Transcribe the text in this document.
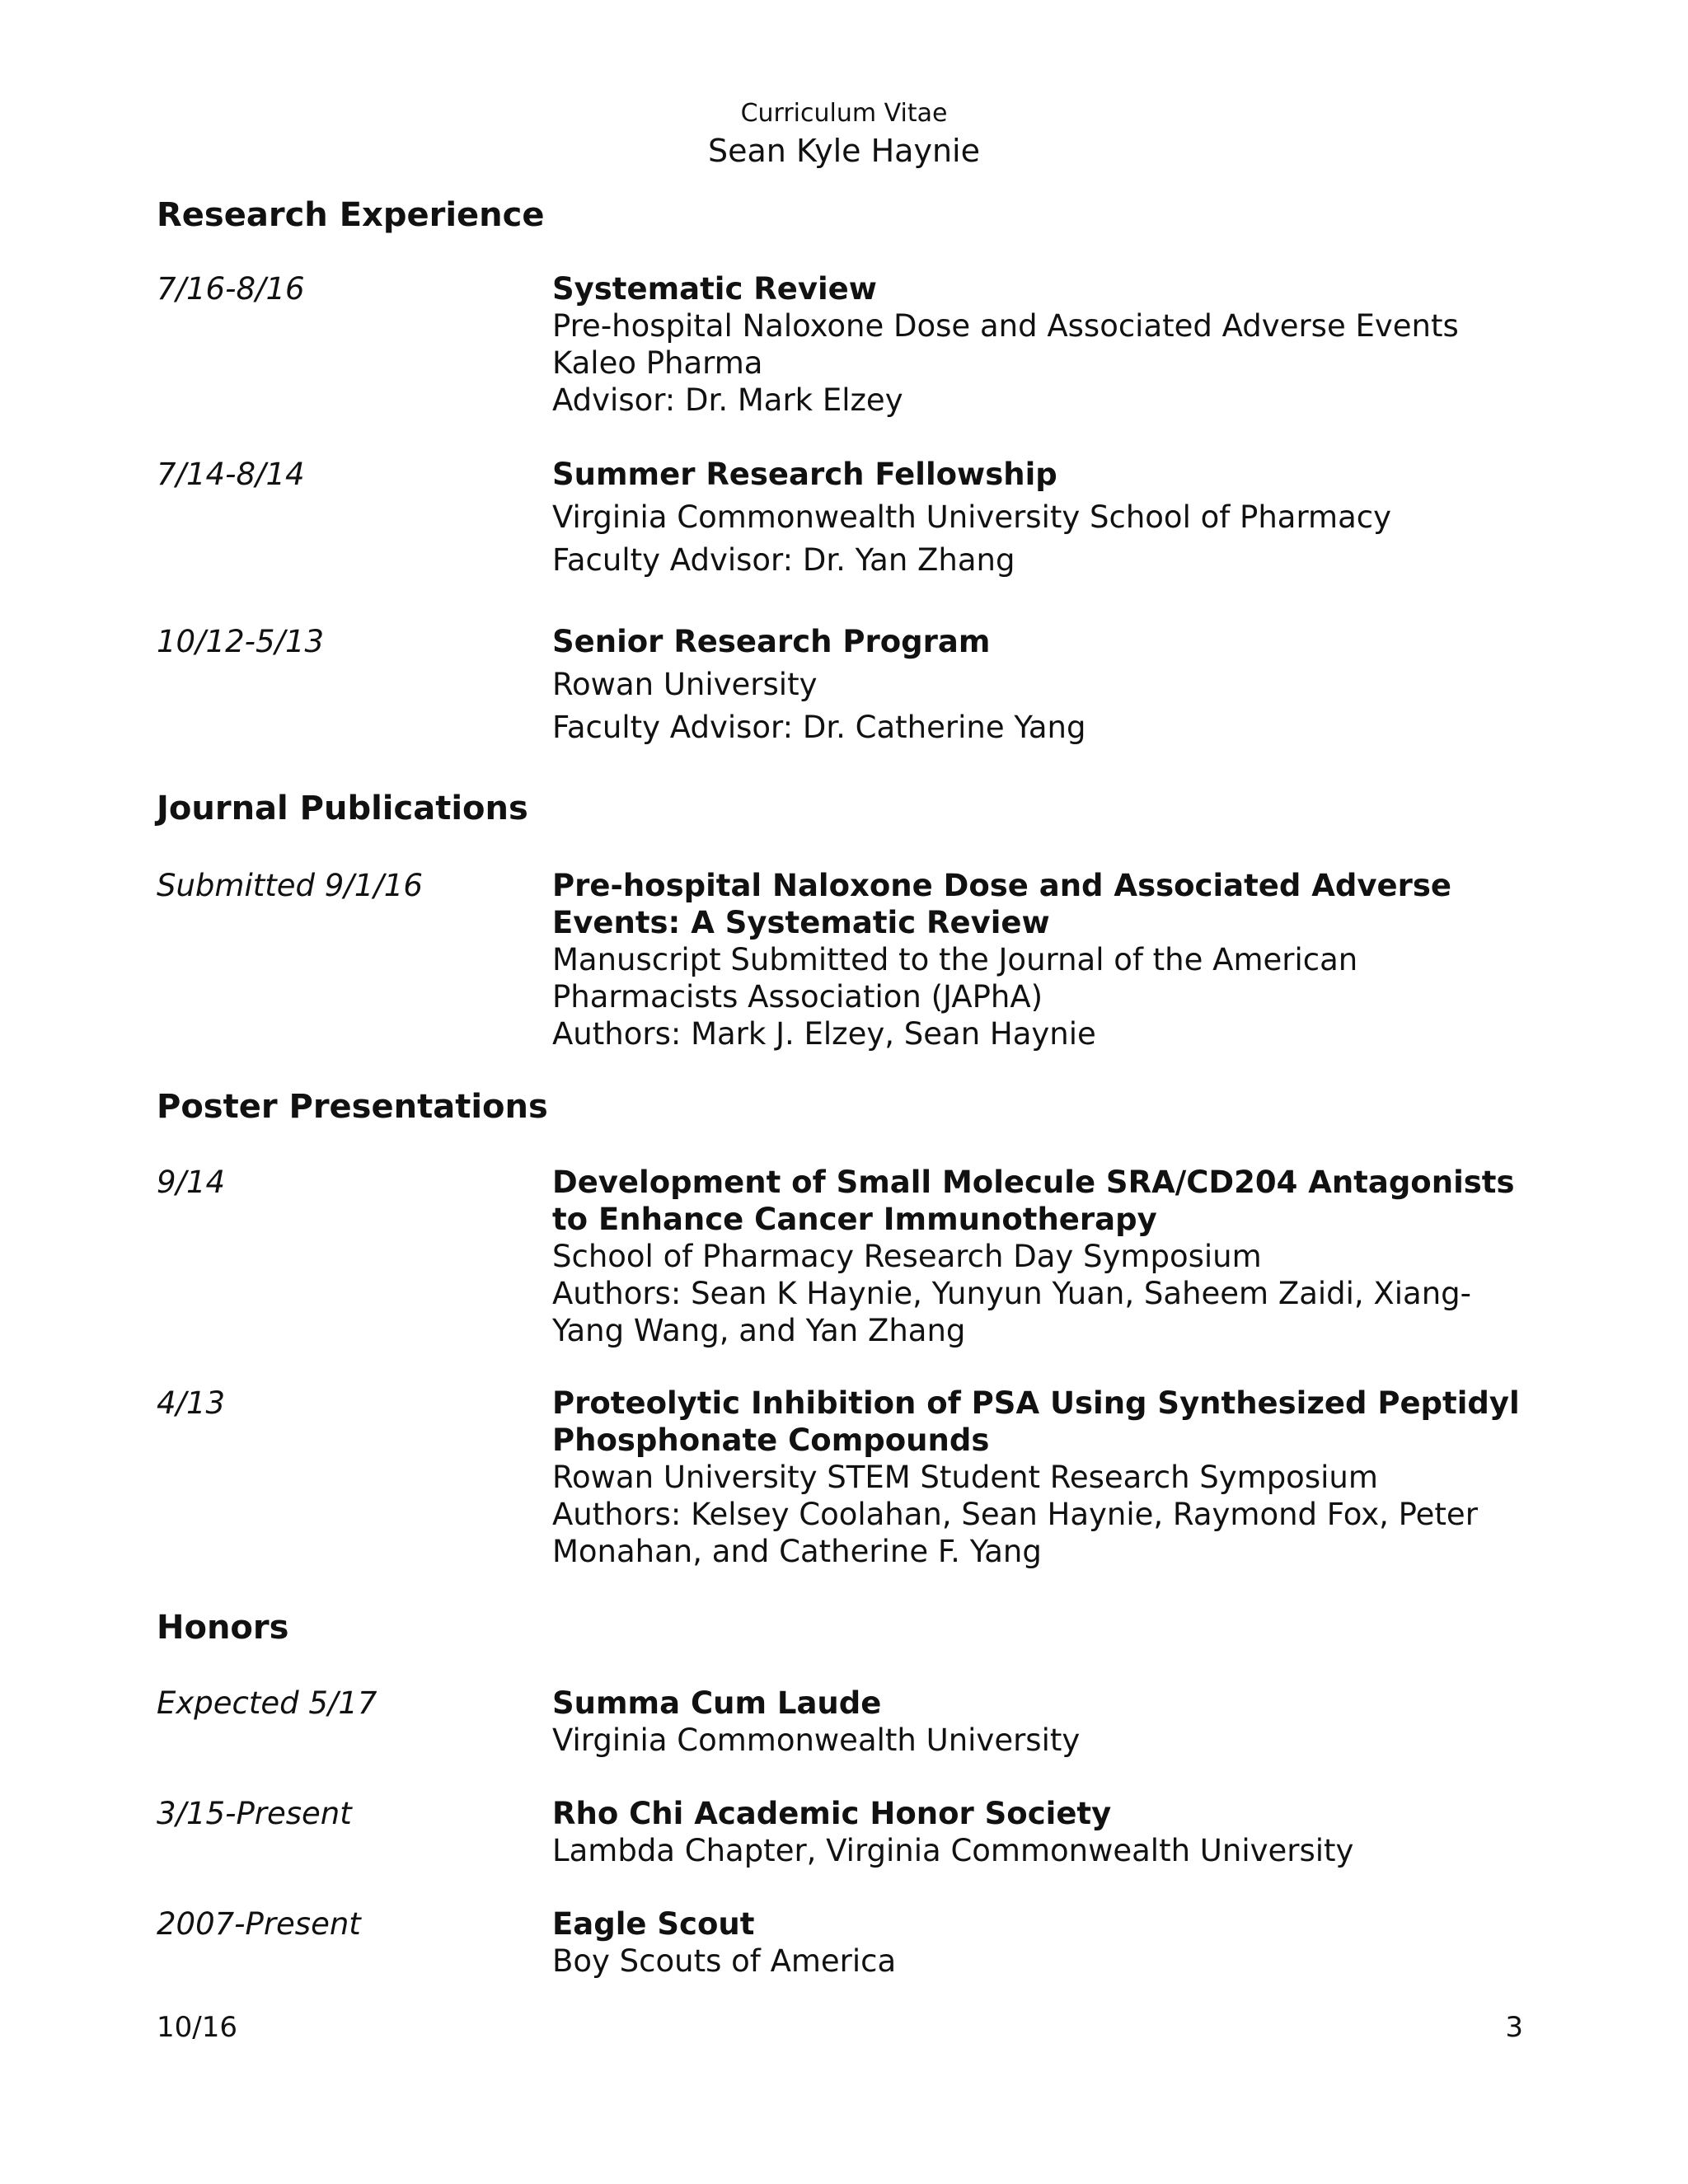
Curriculum Vitae
Sean Kyle Haynie
Research Experience
7/16-8/16	Systematic Review
Pre-hospital Naloxone Dose and Associated Adverse Events
Kaleo Pharma
Advisor: Dr. Mark Elzey
7/14-8/14	Summer Research Fellowship
Virginia Commonwealth University School of Pharmacy
Faculty Advisor: Dr. Yan Zhang
10/12-5/13	Senior Research Program
Rowan University
Faculty Advisor: Dr. Catherine Yang
Journal Publications
Submitted 9/1/16	Pre-hospital Naloxone Dose and Associated Adverse
Events: A Systematic Review
Manuscript Submitted to the Journal of the American
Pharmacists Association (JAPhA)
Authors: Mark J. Elzey, Sean Haynie
Poster Presentations
9/14	Development of Small Molecule SRA/CD204 Antagonists
to Enhance Cancer Immunotherapy
School of Pharmacy Research Day Symposium
Authors: Sean K Haynie, Yunyun Yuan, Saheem Zaidi, Xiang-
Yang Wang, and Yan Zhang
4/13	Proteolytic Inhibition of PSA Using Synthesized Peptidyl
Phosphonate Compounds
Rowan University STEM Student Research Symposium
Authors: Kelsey Coolahan, Sean Haynie, Raymond Fox, Peter
Monahan, and Catherine F. Yang
Honors
Expected 5/17	Summa Cum Laude
Virginia Commonwealth University
3/15-Present	Rho Chi Academic Honor Society
Lambda Chapter, Virginia Commonwealth University
2007-Present	Eagle Scout
Boy Scouts of America
10/16	3
